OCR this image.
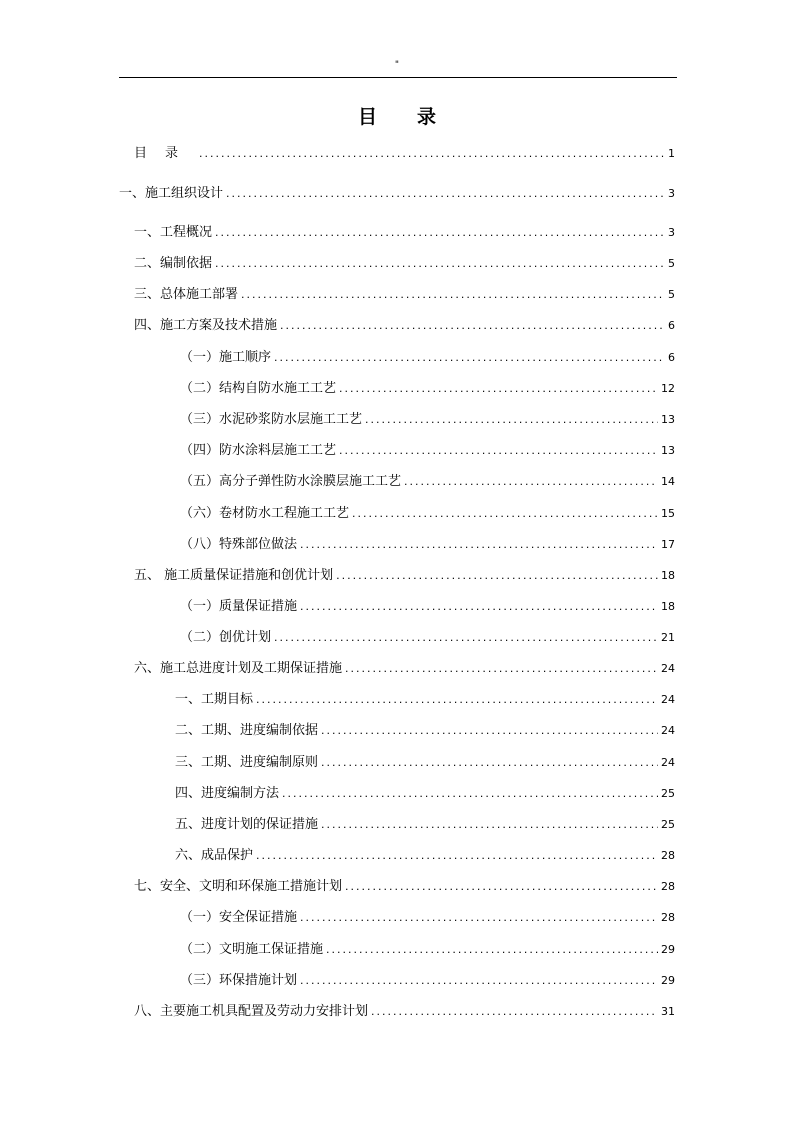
"
目录
目录 .....	1
一、施工组织设计 .....	3
一、工程概况 .....	3
二、编制依据 .....	5
三、总体施工部署 .....	5
四、施工方案及技术措施 .....	6
（一）施工顺序 .....	6
（二）结构自防水施工工艺 .....	12
（三）水泥砂浆防水层施工工艺 .....	13
（四）防水涂料层施工工艺 .....	13
（五）高分子弹性防水涂膜层施工工艺 .....	14
（六）卷材防水工程施工工艺 .....	15
（八）特殊部位做法 .....	17
五、 施工质量保证措施和创优计划 .....	18
（一）质量保证措施 .....	18
（二）创优计划 .....	21
六、施工总进度计划及工期保证措施 .....	24
一、工期目标 .....	24
二、工期、进度编制依据 .....	24
三、工期、进度编制原则 .....	24
四、进度编制方法 .....	25
五、进度计划的保证措施 .....	25
六、成品保护 .....	28
七、安全、文明和环保施工措施计划 .....	28
（一）安全保证措施 .....	28
（二）文明施工保证措施 .....	29
（三）环保措施计划 .....	29
八、主要施工机具配置及劳动力安排计划 .....	31
